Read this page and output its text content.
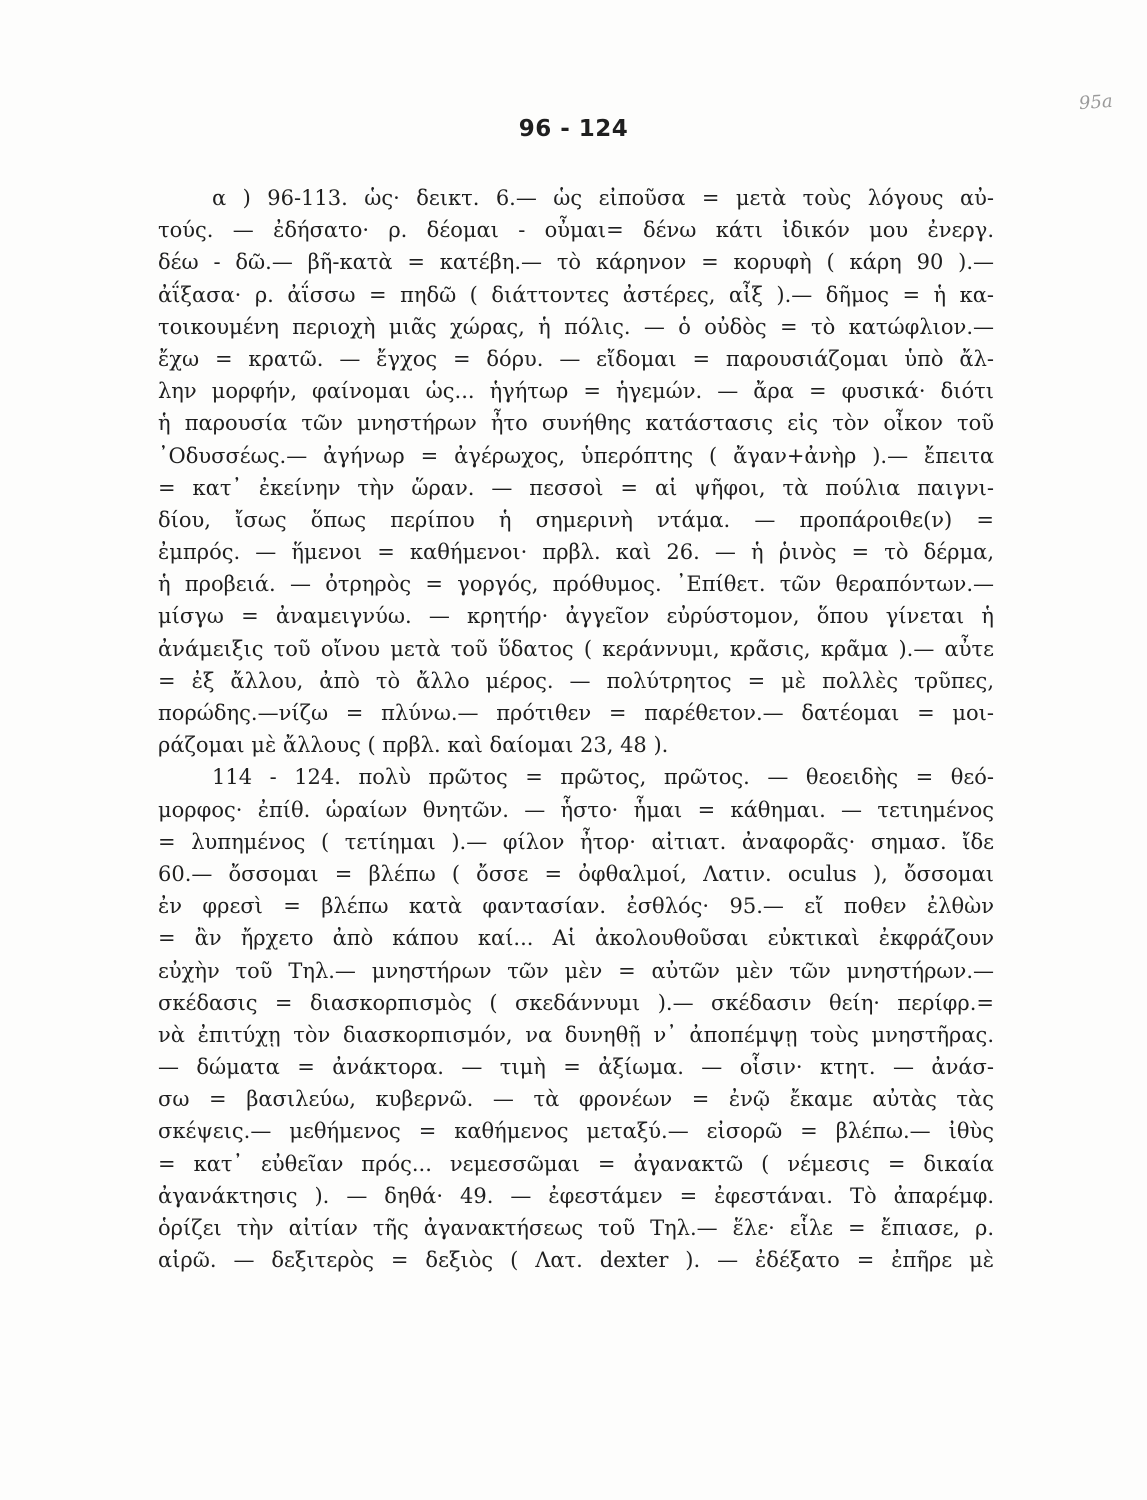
95a
96 - 124
α ) 96-113. ὡς· δεικτ. 6.— ὡς εἰποῦσα = μετὰ τοὺς λόγους αὐ-
τούς. — ἐδήσατο· ρ. δέομαι - οὖμαι= δένω κάτι ἰδικόν μου ἐνεργ.
δέω - δῶ.— βῆ-κατὰ = κατέβη.— τὸ κάρηνον = κορυφὴ ( κάρη 90 ).—
ἀΐξασα· ρ. ἀΐσσω = πηδῶ ( διάττοντες ἀστέρες, αἶξ ).— δῆμος = ἡ κα-
τοικουμένη περιοχὴ μιᾶς χώρας, ἡ πόλις. — ὁ οὐδὸς = τὸ κατώφλιον.—
ἔχω = κρατῶ. — ἔγχος = δόρυ. — εἴδομαι = παρουσιάζομαι ὑπὸ ἄλ-
λην μορφήν, φαίνομαι ὡς... ἡγήτωρ = ἡγεμών. — ἄρα = φυσικά· διότι
ἡ παρουσία τῶν μνηστήρων ἦτο συνήθης κατάστασις εἰς τὸν οἶκον τοῦ
᾿Οδυσσέως.— ἀγήνωρ = ἀγέρωχος, ὑπερόπτης ( ἄγαν+ἀνὴρ ).— ἔπειτα
= κατ᾿ ἐκείνην τὴν ὥραν. — πεσσοὶ = αἱ ψῆφοι, τὰ πούλια παιγνι-
δίου, ἴσως ὅπως περίπου ἡ σημερινὴ ντάμα. — προπάροιθε(ν) =
ἐμπρός. — ἥμενοι = καθήμενοι· πρβλ. καὶ 26. — ἡ ῥινὸς = τὸ δέρμα,
ἡ προβειά. — ὀτρηρὸς = γοργός, πρόθυμος. ᾿Επίθετ. τῶν θεραπόντων.—
μίσγω = ἀναμειγνύω. — κρητήρ· ἀγγεῖον εὐρύστομον, ὅπου γίνεται ἡ
ἀνάμειξις τοῦ οἴνου μετὰ τοῦ ὕδατος ( κεράννυμι, κρᾶσις, κρᾶμα ).— αὖτε
= ἐξ ἄλλου, ἀπὸ τὸ ἄλλο μέρος. — πολύτρητος = μὲ πολλὲς τρῦπες,
πορώδης.—νίζω = πλύνω.— πρότιθεν = παρέθετον.— δατέομαι = μοι-
ράζομαι μὲ ἄλλους ( πρβλ. καὶ δαίομαι 23, 48 ).
114 - 124. πολὺ πρῶτος = πρῶτος, πρῶτος. — θεοειδὴς = θεό-
μορφος· ἐπίθ. ὡραίων θνητῶν. — ἧστο· ἧμαι = κάθημαι. — τετιημένος
= λυπημένος ( τετίημαι ).— φίλον ἦτορ· αἰτιατ. ἀναφορᾶς· σημασ. ἴδε
60.— ὄσσομαι = βλέπω ( ὄσσε = ὀφθαλμοί, Λατιν. oculus ), ὄσσομαι
ἐν φρεσὶ = βλέπω κατὰ φαντασίαν. ἐσθλός· 95.— εἴ ποθεν ἐλθὼν
= ἂν ἤρχετο ἀπὸ κάπου καί... Αἱ ἀκολουθοῦσαι εὐκτικαὶ ἐκφράζουν
εὐχὴν τοῦ Τηλ.— μνηστήρων τῶν μὲν = αὐτῶν μὲν τῶν μνηστήρων.—
σκέδασις = διασκορπισμὸς ( σκεδάννυμι ).— σκέδασιν θείη· περίφρ.=
νὰ ἐπιτύχῃ τὸν διασκορπισμόν, να δυνηθῇ ν᾿ ἀποπέμψῃ τοὺς μνηστῆρας.
— δώματα = ἀνάκτορα. — τιμὴ = ἀξίωμα. — οἷσιν· κτητ. — ἀνάσ-
σω = βασιλεύω, κυβερνῶ. — τὰ φρονέων = ἐνῷ ἔκαμε αὐτὰς τὰς
σκέψεις.— μεθήμενος = καθήμενος μεταξύ.— εἰσορῶ = βλέπω.— ἰθὺς
= κατ᾿ εὐθεῖαν πρός... νεμεσσῶμαι = ἀγανακτῶ ( νέμεσις = δικαία
ἀγανάκτησις ). — δηθά· 49. — ἐφεστάμεν = ἐφεστάναι. Τὸ ἀπαρέμφ.
ὁρίζει τὴν αἰτίαν τῆς ἀγανακτήσεως τοῦ Τηλ.— ἕλε· εἷλε = ἔπιασε, ρ.
αἱρῶ. — δεξιτερὸς = δεξιὸς ( Λατ. dexter ). — ἐδέξατο = ἐπῆρε μὲ
